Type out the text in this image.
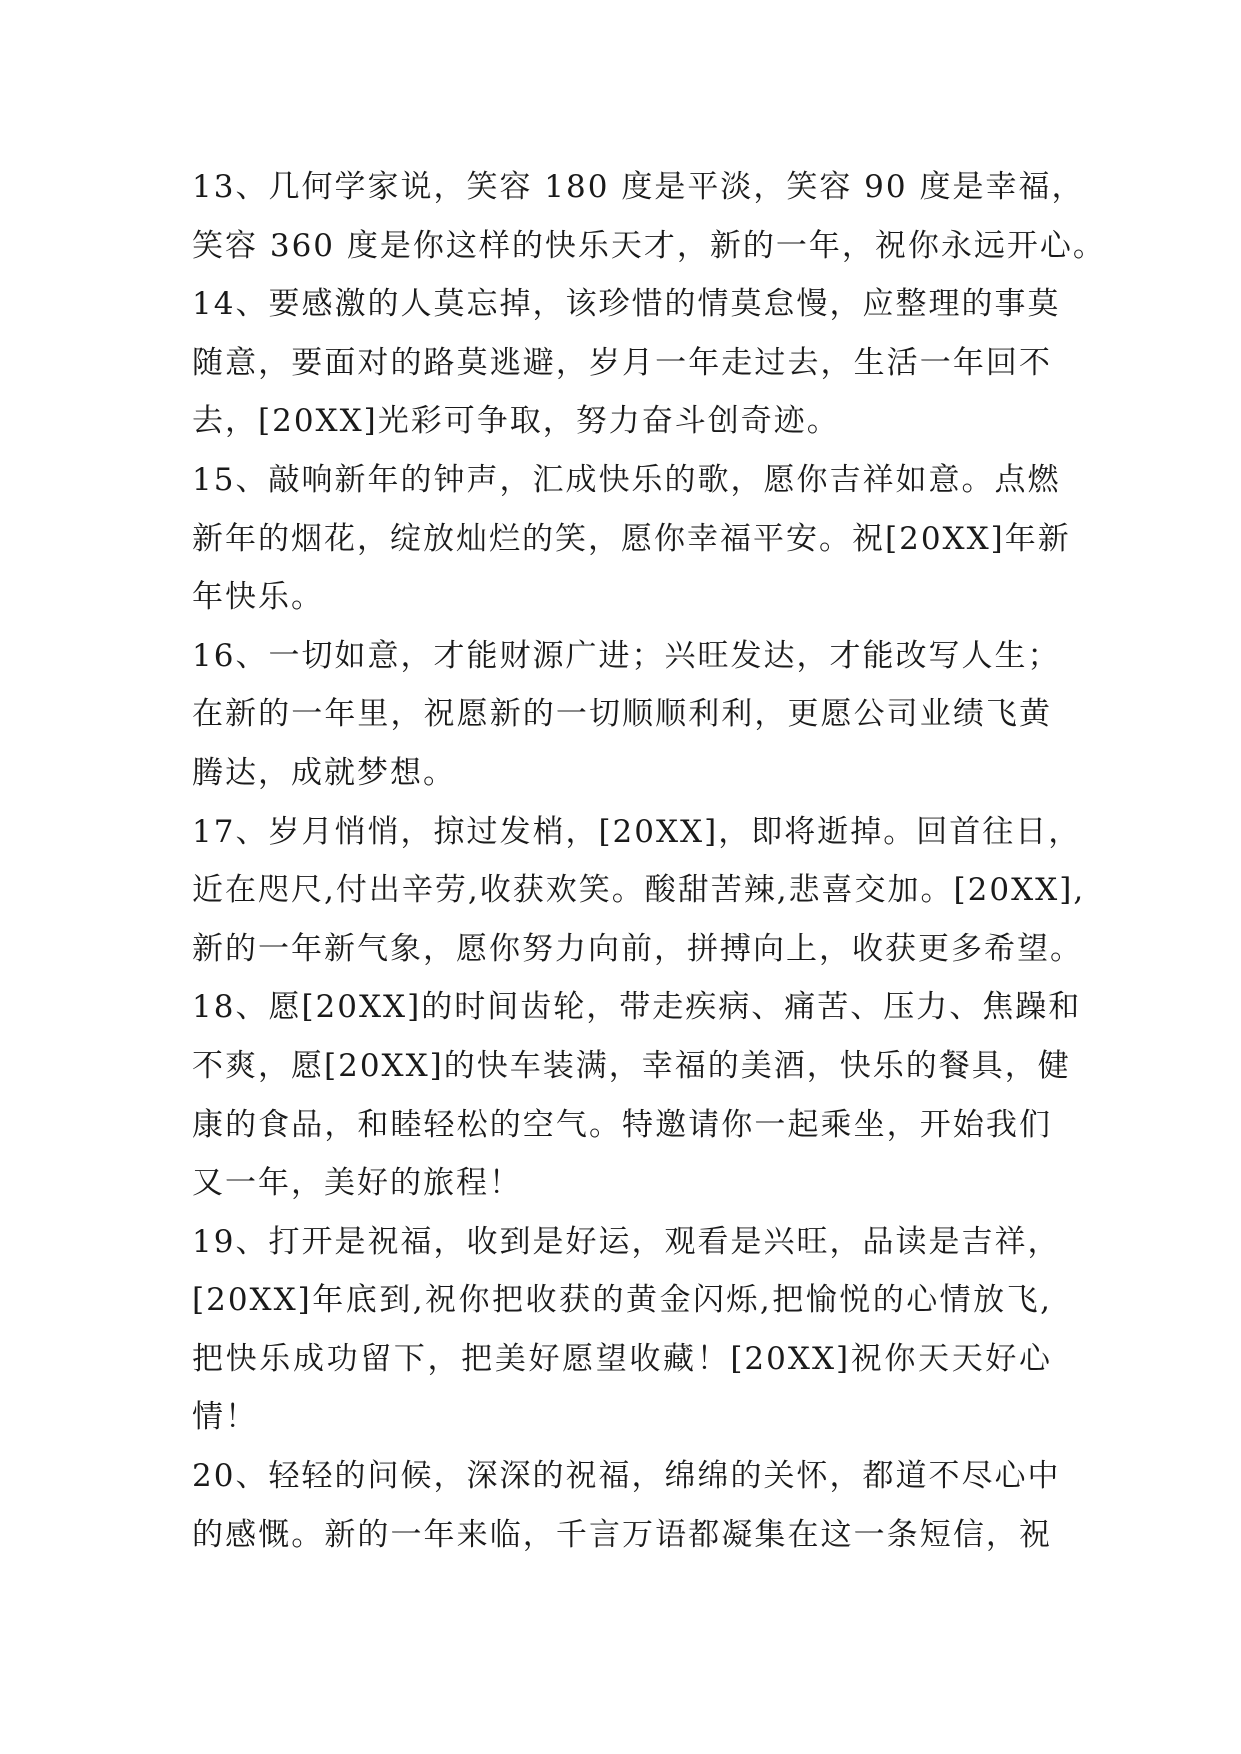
13、几何学家说，笑容 180 度是平淡，笑容 90 度是幸福，
笑容 360 度是你这样的快乐天才，新的一年，祝你永远开心。
14、要感激的人莫忘掉，该珍惜的情莫怠慢，应整理的事莫
随意，要面对的路莫逃避，岁月一年走过去，生活一年回不
去，[20XX]光彩可争取，努力奋斗创奇迹。
15、敲响新年的钟声，汇成快乐的歌，愿你吉祥如意。点燃
新年的烟花，绽放灿烂的笑，愿你幸福平安。祝[20XX]年新
年快乐。
16、一切如意，才能财源广进；兴旺发达，才能改写人生；
在新的一年里，祝愿新的一切顺顺利利，更愿公司业绩飞黄
腾达，成就梦想。
17、岁月悄悄，掠过发梢，[20XX]，即将逝掉。回首往日，
近在咫尺,付出辛劳,收获欢笑。酸甜苦辣,悲喜交加。[20XX],
新的一年新气象，愿你努力向前，拼搏向上，收获更多希望。
18、愿[20XX]的时间齿轮，带走疾病、痛苦、压力、焦躁和
不爽，愿[20XX]的快车装满，幸福的美酒，快乐的餐具，健
康的食品，和睦轻松的空气。特邀请你一起乘坐，开始我们
又一年，美好的旅程！
19、打开是祝福，收到是好运，观看是兴旺，品读是吉祥，
[20XX]年底到,祝你把收获的黄金闪烁,把愉悦的心情放飞,
把快乐成功留下，把美好愿望收藏！[20XX]祝你天天好心
情！
20、轻轻的问候，深深的祝福，绵绵的关怀，都道不尽心中
的感慨。新的一年来临，千言万语都凝集在这一条短信，祝
